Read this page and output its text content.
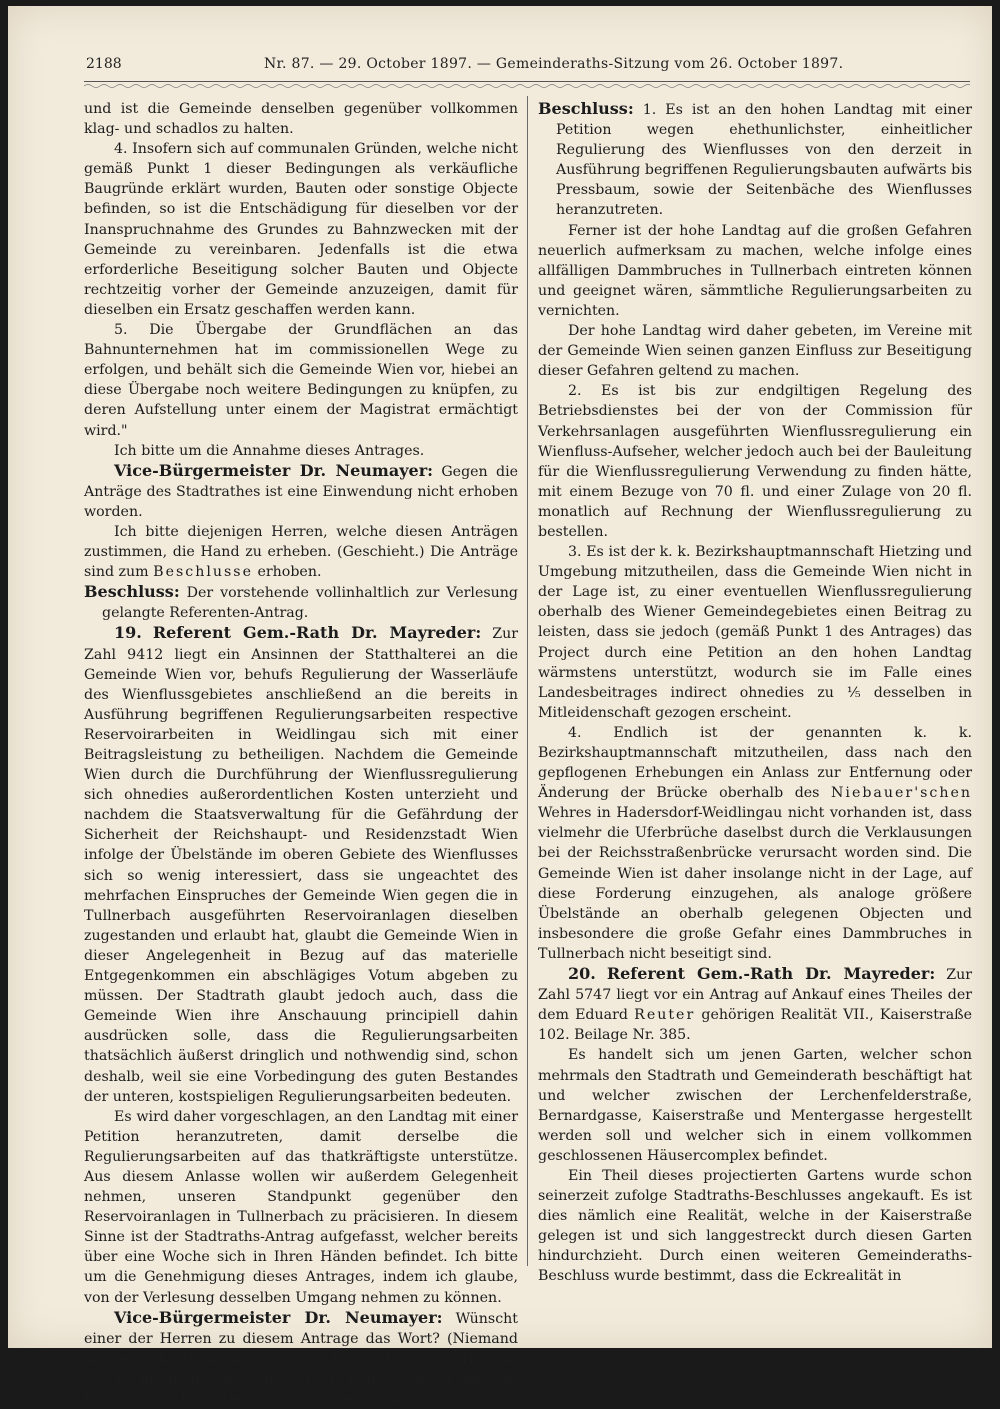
2188	Nr. 87. — 29. October 1897. — Gemeinderaths-Sitzung vom 26. October 1897.

und ist die Gemeinde denselben gegenüber vollkommen klag- und schadlos zu halten.

4. Insofern sich auf communalen Gründen, welche nicht gemäß Punkt 1 dieser Bedingungen als verkäufliche Baugründe erklärt wurden, Bauten oder sonstige Objecte befinden, so ist die Entschädigung für dieselben vor der Inanspruchnahme des Grundes zu Bahnzwecken mit der Gemeinde zu vereinbaren. Jedenfalls ist die etwa erforderliche Beseitigung solcher Bauten und Objecte rechtzeitig vorher der Gemeinde anzuzeigen, damit für dieselben ein Ersatz geschaffen werden kann.

5. Die Übergabe der Grundflächen an das Bahnunternehmen hat im commissionellen Wege zu erfolgen, und behält sich die Gemeinde Wien vor, hiebei an diese Übergabe noch weitere Bedingungen zu knüpfen, zu deren Aufstellung unter einem der Magistrat ermächtigt wird."

Ich bitte um die Annahme dieses Antrages.

Vice-Bürgermeister Dr. Neumayer: Gegen die Anträge des Stadtrathes ist eine Einwendung nicht erhoben worden.

Ich bitte diejenigen Herren, welche diesen Anträgen zustimmen, die Hand zu erheben. (Geschieht.) Die Anträge sind zum Beschlusse erhoben.

Beschluss: Der vorstehende vollinhaltlich zur Verlesung gelangte Referenten-Antrag.

19. Referent Gem.-Rath Dr. Mayreder: Zur Zahl 9412 liegt ein Ansinnen der Statthalterei an die Gemeinde Wien vor, behufs Regulierung der Wasserläufe des Wienflussgebietes anschließend an die bereits in Ausführung begriffenen Regulierungsarbeiten respective Reservoirarbeiten in Weidlingau sich mit einer Beitragsleistung zu betheiligen. Nachdem die Gemeinde Wien durch die Durchführung der Wienflussregulierung sich ohnedies außerordentlichen Kosten unterzieht und nachdem die Staatsverwaltung für die Gefährdung der Sicherheit der Reichshaupt- und Residenzstadt Wien infolge der Übelstände im oberen Gebiete des Wienflusses sich so wenig interessiert, dass sie ungeachtet des mehrfachen Einspruches der Gemeinde Wien gegen die in Tullnerbach ausgeführten Reservoiranlagen dieselben zugestanden und erlaubt hat, glaubt die Gemeinde Wien in dieser Angelegenheit in Bezug auf das materielle Entgegenkommen ein abschlägiges Votum abgeben zu müssen. Der Stadtrath glaubt jedoch auch, dass die Gemeinde Wien ihre Anschauung principiell dahin ausdrücken solle, dass die Regulierungsarbeiten thatsächlich äußerst dringlich und nothwendig sind, schon deshalb, weil sie eine Vorbedingung des guten Bestandes der unteren, kostspieligen Regulierungsarbeiten bedeuten.

Es wird daher vorgeschlagen, an den Landtag mit einer Petition heranzutreten, damit derselbe die Regulierungsarbeiten auf das thatkräftigste unterstütze. Aus diesem Anlasse wollen wir außerdem Gelegenheit nehmen, unseren Standpunkt gegenüber den Reservoiranlagen in Tullnerbach zu präcisieren. In diesem Sinne ist der Stadtraths-Antrag aufgefasst, welcher bereits über eine Woche sich in Ihren Händen befindet. Ich bitte um die Genehmigung dieses Antrages, indem ich glaube, von der Verlesung desselben Umgang nehmen zu können.

Vice-Bürgermeister Dr. Neumayer: Wünscht einer der Herren zu diesem Antrage das Wort? (Niemand meldet sich.) Wenn nicht, so ersuche ich diejenigen Herren, welche mit dem Stadtraths-Antrage einverstanden sind, die Hand zu erheben. (Geschieht.) Angenommen.

Beschluss: 1. Es ist an den hohen Landtag mit einer Petition wegen ehethunlichster, einheitlicher Regulierung des Wienflusses von den derzeit in Ausführung begriffenen Regulierungsbauten aufwärts bis Pressbaum, sowie der Seitenbäche des Wienflusses heranzutreten.

Ferner ist der hohe Landtag auf die großen Gefahren neuerlich aufmerksam zu machen, welche infolge eines allfälligen Dammbruches in Tullnerbach eintreten können und geeignet wären, sämmtliche Regulierungsarbeiten zu vernichten.

Der hohe Landtag wird daher gebeten, im Vereine mit der Gemeinde Wien seinen ganzen Einfluss zur Beseitigung dieser Gefahren geltend zu machen.

2. Es ist bis zur endgiltigen Regelung des Betriebsdienstes bei der von der Commission für Verkehrsanlagen ausgeführten Wienflussregulierung ein Wienfluss-Aufseher, welcher jedoch auch bei der Bauleitung für die Wienflussregulierung Verwendung zu finden hätte, mit einem Bezuge von 70 fl. und einer Zulage von 20 fl. monatlich auf Rechnung der Wienflussregulierung zu bestellen.

3. Es ist der k. k. Bezirkshauptmannschaft Hietzing und Umgebung mitzutheilen, dass die Gemeinde Wien nicht in der Lage ist, zu einer eventuellen Wienflussregulierung oberhalb des Wiener Gemeindegebietes einen Beitrag zu leisten, dass sie jedoch (gemäß Punkt 1 des Antrages) das Project durch eine Petition an den hohen Landtag wärmstens unterstützt, wodurch sie im Falle eines Landesbeitrages indirect ohnedies zu ⅕ desselben in Mitleidenschaft gezogen erscheint.

4. Endlich ist der genannten k. k. Bezirkshauptmannschaft mitzutheilen, dass nach den gepflogenen Erhebungen ein Anlass zur Entfernung oder Änderung der Brücke oberhalb des Niebauer'schen Wehres in Hadersdorf-Weidlingau nicht vorhanden ist, dass vielmehr die Uferbrüche daselbst durch die Verklausungen bei der Reichsstraßenbrücke verursacht worden sind. Die Gemeinde Wien ist daher insolange nicht in der Lage, auf diese Forderung einzugehen, als analoge größere Übelstände an oberhalb gelegenen Objecten und insbesondere die große Gefahr eines Dammbruches in Tullnerbach nicht beseitigt sind.

20. Referent Gem.-Rath Dr. Mayreder: Zur Zahl 5747 liegt vor ein Antrag auf Ankauf eines Theiles der dem Eduard Reuter gehörigen Realität VII., Kaiserstraße 102. Beilage Nr. 385.

Es handelt sich um jenen Garten, welcher schon mehrmals den Stadtrath und Gemeinderath beschäftigt hat und welcher zwischen der Lerchenfelderstraße, Bernardgasse, Kaiserstraße und Mentergasse hergestellt werden soll und welcher sich in einem vollkommen geschlossenen Häusercomplex befindet.

Ein Theil dieses projectierten Gartens wurde schon seinerzeit zufolge Stadtraths-Beschlusses angekauft. Es ist dies nämlich eine Realität, welche in der Kaiserstraße gelegen ist und sich langgestreckt durch diesen Garten hindurchzieht. Durch einen weiteren Gemeinderaths-Beschluss wurde bestimmt, dass die Eckrealität in
